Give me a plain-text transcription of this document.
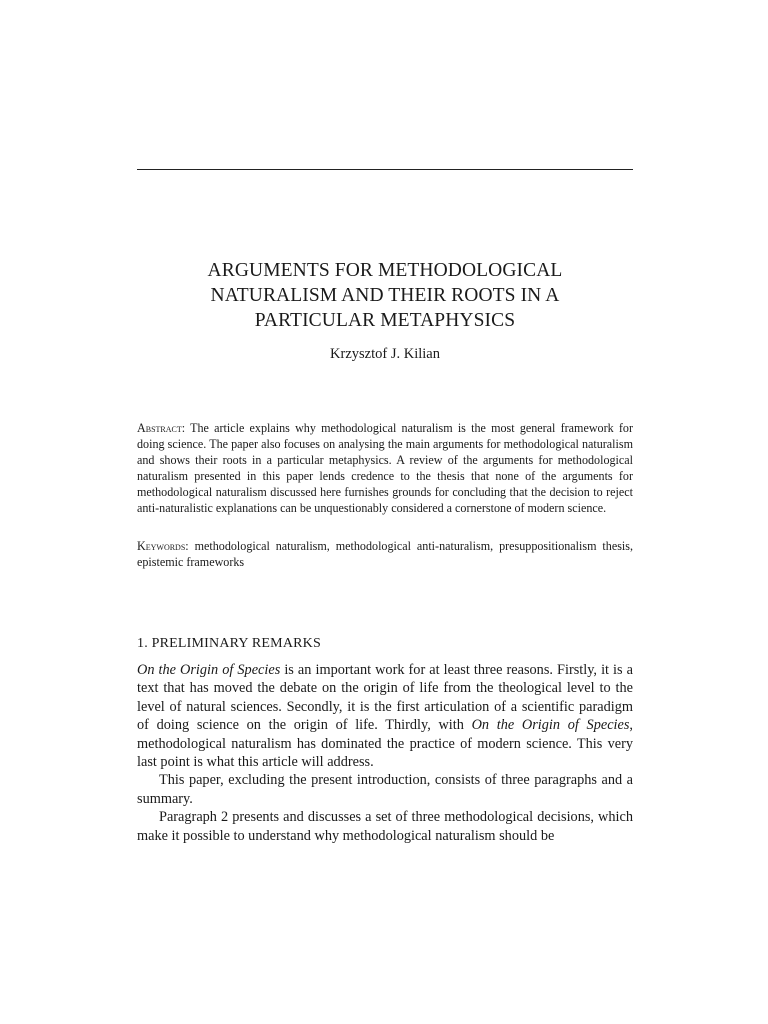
ARGUMENTS FOR METHODOLOGICAL
NATURALISM AND THEIR ROOTS IN A
PARTICULAR METAPHYSICS
Krzysztof J. Kilian
Abstract: The article explains why methodological naturalism is the most general framework for doing science. The paper also focuses on analysing the main arguments for methodological naturalism and shows their roots in a particular metaphysics. A review of the arguments for methodological naturalism presented in this paper lends credence to the thesis that none of the arguments for methodological naturalism discussed here furnishes grounds for concluding that the decision to reject anti-naturalistic explanations can be unquestionably considered a cornerstone of modern science.
Keywords: methodological naturalism, methodological anti-naturalism, presuppositionalism thesis, epistemic frameworks
1. PRELIMINARY REMARKS

On the Origin of Species is an important work for at least three reasons. Firstly, it is a text that has moved the debate on the origin of life from the theological level to the level of natural sciences. Secondly, it is the first articulation of a scientific paradigm of doing science on the origin of life. Thirdly, with On the Origin of Species, methodological naturalism has dominated the practice of modern science. This very last point is what this article will address.

This paper, excluding the present introduction, consists of three paragraphs and a summary.

Paragraph 2 presents and discusses a set of three methodological decisions, which make it possible to understand why methodological naturalism should be
